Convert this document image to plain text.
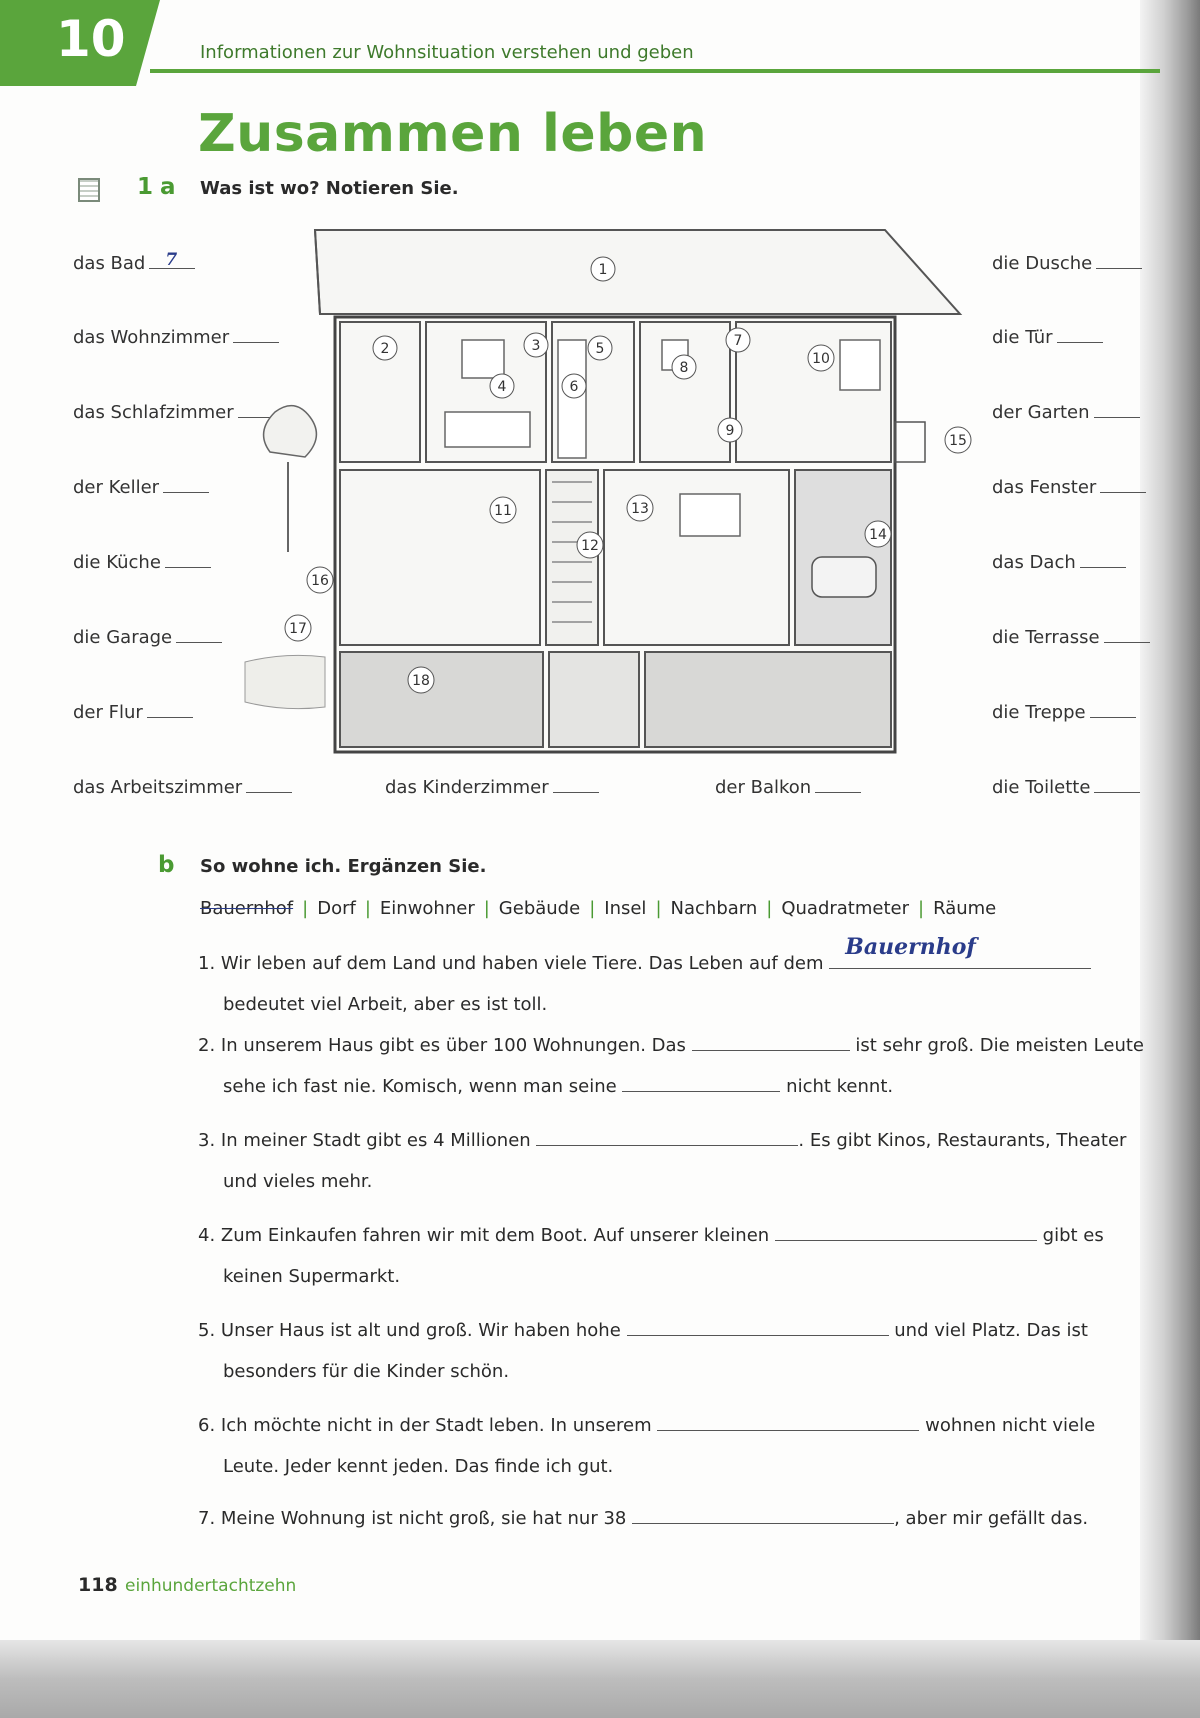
10	Informationen zur Wohnsituation verstehen und geben
Zusammen leben
1 a Was ist wo? Notieren Sie.
das Bad 7
das Wohnzimmer
das Schlafzimmer
der Keller
die Küche
die Garage
der Flur
das Arbeitszimmer	das Kinderzimmer	der Balkon
die Dusche
die Tür
der Garten
das Fenster
das Dach
die Terrasse
die Treppe
die Toilette
1
2	3
4
5
6
7
8
9
10
11
12
13
14
15
16
17
18
b So wohne ich. Ergänzen Sie.
Bauernhof | Dorf | Einwohner | Gebäude | Insel | Nachbarn | Quadratmeter | Räume
1. Wir leben auf dem Land und haben viele Tiere. Das Leben auf dem
Bauernhof

bedeutet viel Arbeit, aber es ist toll.
2. In unserem Haus gibt es über 100 Wohnungen. Das	ist sehr groß. Die meisten Leute
sehe ich fast nie. Komisch, wenn man seine	nicht kennt.
3. In meiner Stadt gibt es 4 Millionen	. Es gibt Kinos, Restaurants, Theater
und vieles mehr.
4. Zum Einkaufen fahren wir mit dem Boot. Auf unserer kleinen	gibt es
keinen Supermarkt.
5. Unser Haus ist alt und groß. Wir haben hohe	und viel Platz. Das ist
besonders für die Kinder schön.
6. Ich möchte nicht in der Stadt leben. In unserem	wohnen nicht viele
Leute. Jeder kennt jeden. Das finde ich gut.
7. Meine Wohnung ist nicht groß, sie hat nur 38	, aber mir gefällt das.
118 einhundertachtzehn
